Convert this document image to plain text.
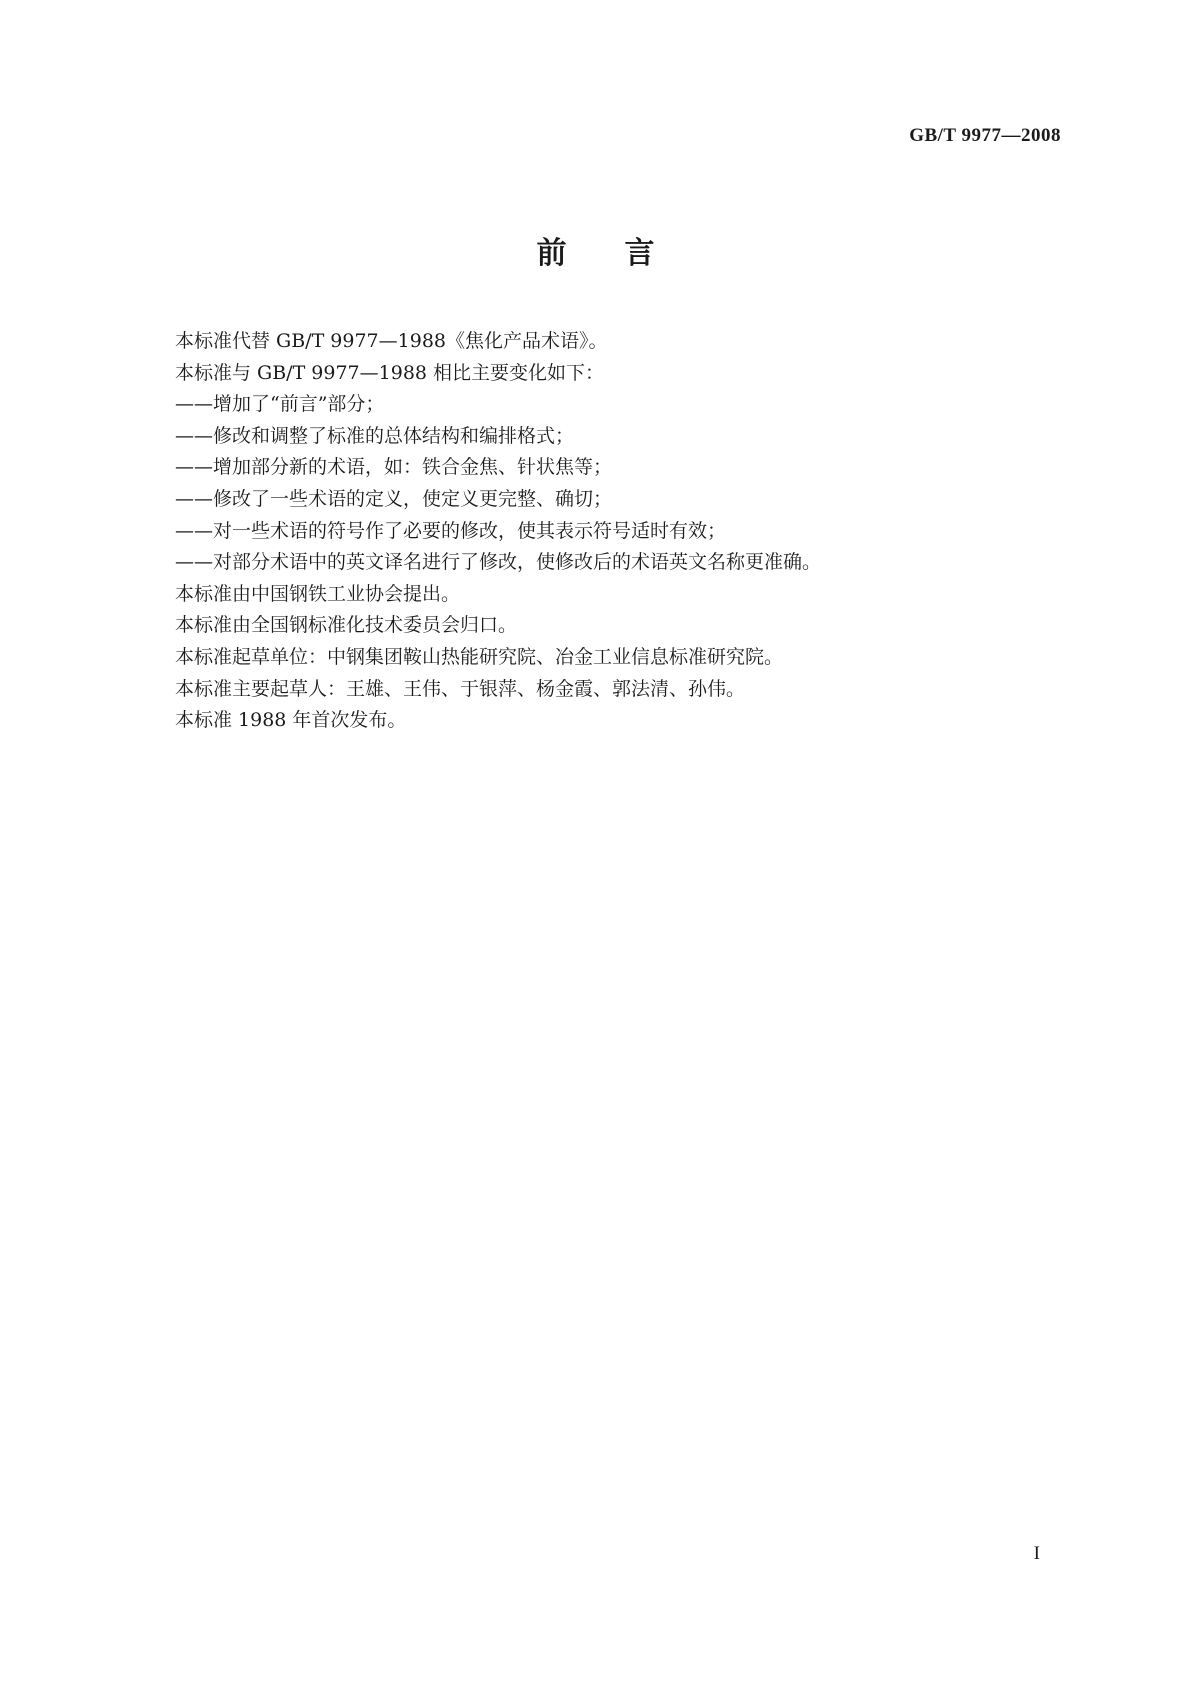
GB/T 9977—2008
前言
本标准代替 GB/T 9977—1988《焦化产品术语》。
本标准与 GB/T 9977—1988 相比主要变化如下：
——增加了“前言”部分；
——修改和调整了标准的总体结构和编排格式；
——增加部分新的术语，如：铁合金焦、针状焦等；
——修改了一些术语的定义，使定义更完整、确切；
——对一些术语的符号作了必要的修改，使其表示符号适时有效；
——对部分术语中的英文译名进行了修改，使修改后的术语英文名称更准确。
本标准由中国钢铁工业协会提出。
本标准由全国钢标准化技术委员会归口。
本标准起草单位：中钢集团鞍山热能研究院、冶金工业信息标准研究院。
本标准主要起草人：王雄、王伟、于银萍、杨金霞、郭法清、孙伟。
本标准 1988 年首次发布。
I
